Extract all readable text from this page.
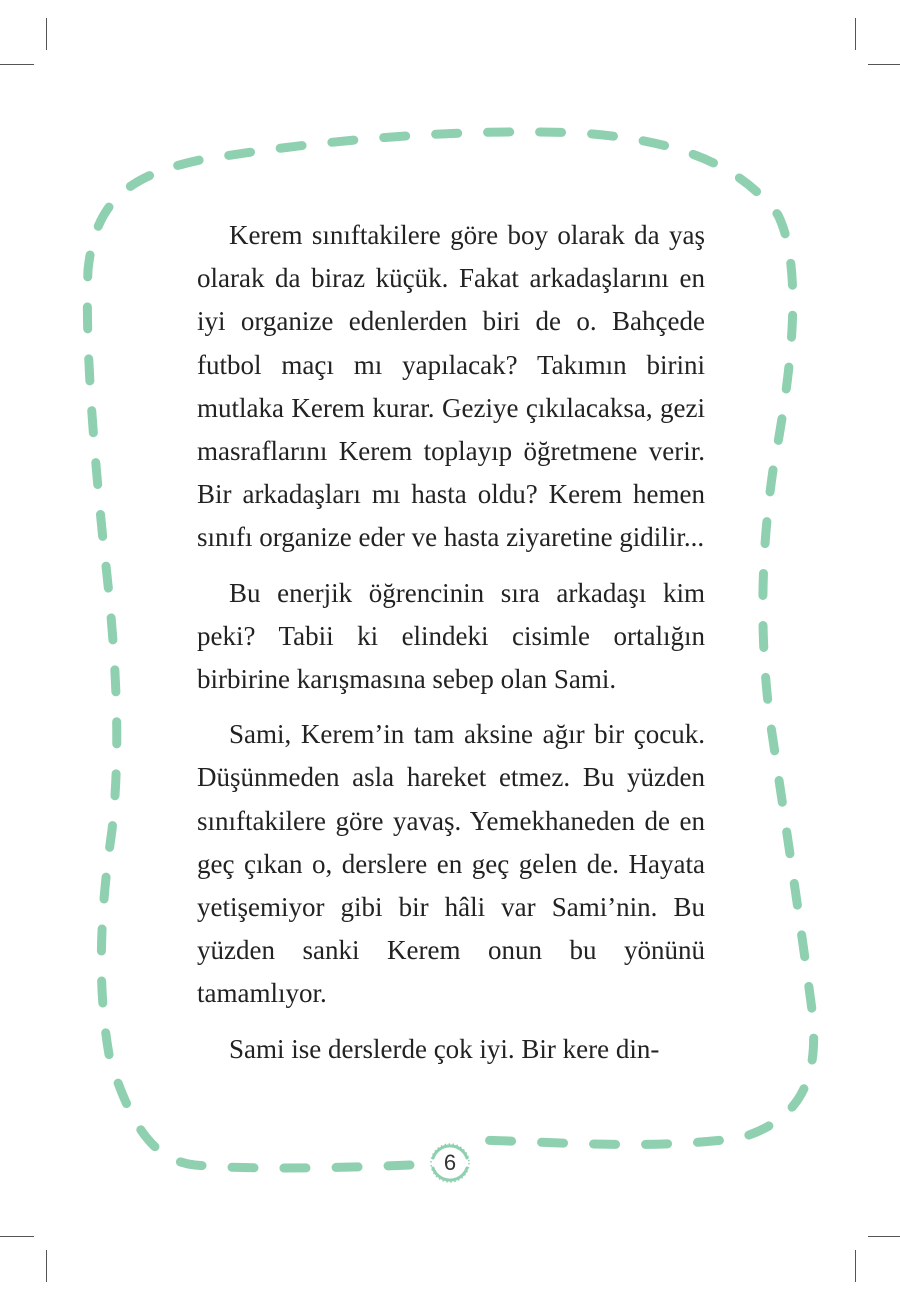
Kerem sınıftakilere göre boy olarak da yaş olarak da biraz küçük. Fakat arkadaşlarını en iyi organize edenlerden biri de o. Bahçede futbol maçı mı yapılacak? Takımın birini mutlaka Kerem kurar. Geziye çıkılacaksa, gezi masraflarını Kerem toplayıp öğretmene verir. Bir arkadaşları mı hasta oldu? Kerem hemen sınıfı organize eder ve hasta ziyaretine gidilir...

Bu enerjik öğrencinin sıra arkadaşı kim peki? Tabii ki elindeki cisimle ortalığın birbirine karışmasına sebep olan Sami.

Sami, Kerem’in tam aksine ağır bir çocuk. Düşünmeden asla hareket etmez. Bu yüzden sınıftakilere göre yavaş. Yemekhaneden de en geç çıkan o, derslere en geç gelen de. Hayata yetişemiyor gibi bir hâli var Sami’nin. Bu yüzden sanki Kerem onun bu yönünü tamamlıyor.

Sami ise derslerde çok iyi. Bir kere din-

6
